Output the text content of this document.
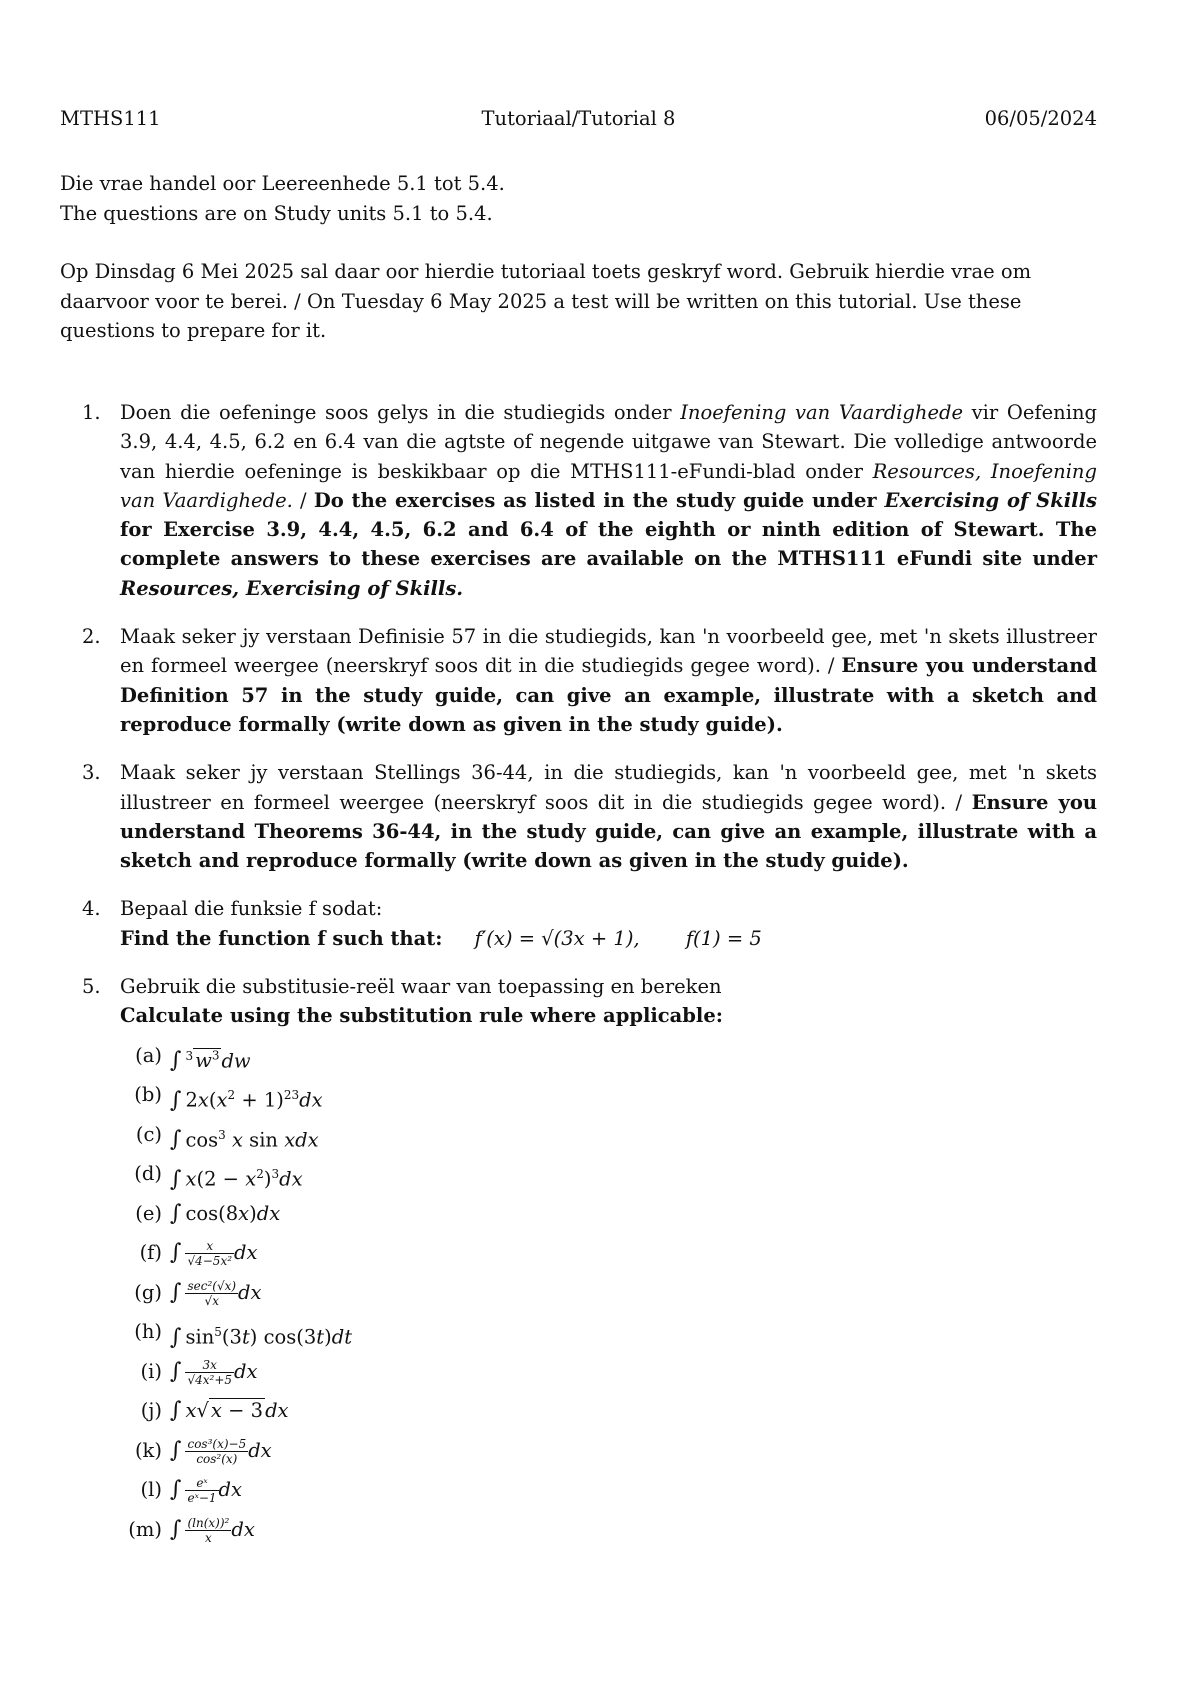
MTHS111	Tutoriaal/Tutorial 8	06/05/2024

Die vrae handel oor Leereenhede 5.1 tot 5.4.

The questions are on Study units 5.1 to 5.4.

Op Dinsdag 6 Mei 2025 sal daar oor hierdie tutoriaal toets geskryf word. Gebruik hierdie vrae om daarvoor voor te berei. / On Tuesday 6 May 2025 a test will be written on this tutorial. Use these questions to prepare for it.

1. Doen die oefeninge soos gelys in die studiegids onder Inoefening van Vaardighede vir Oefening 3.9, 4.4, 4.5, 6.2 en 6.4 van die agtste of negende uitgawe van Stewart. Die volledige antwoorde van hierdie oefeninge is beskikbaar op die MTHS111-eFundi-blad onder Resources, Inoefening van Vaardighede. / Do the exercises as listed in the study guide under Exercising of Skills for Exercise 3.9, 4.4, 4.5, 6.2 and 6.4 of the eighth or ninth edition of Stewart. The complete answers to these exercises are available on the MTHS111 eFundi site under Resources, Exercising of Skills.
2. Maak seker jy verstaan Definisie 57 in die studiegids, kan 'n voorbeeld gee, met 'n skets illustreer en formeel weergee (neerskryf soos dit in die studiegids gegee word). / Ensure you understand Definition 57 in the study guide, can give an example, illustrate with a sketch and reproduce formally (write down as given in the study guide).
3. Maak seker jy verstaan Stellings 36-44, in die studiegids, kan 'n voorbeeld gee, met 'n skets illustreer en formeel weergee (neerskryf soos dit in die studiegids gegee word). / Ensure you understand Theorems 36-44, in the study guide, can give an example, illustrate with a sketch and reproduce formally (write down as given in the study guide).
4. Bepaal die funksie f sodat:
Find the function f such that: f′(x) = √(3x + 1), f(1) = 5
5. Gebruik die substitusie-reël waar van toepassing en bereken
Calculate using the substitution rule where applicable:
(a) ∫ $^3$ $w^3$ dw
(b) ∫ $2x(x^2 + 1)^{23}dx$
(c) ∫ $\cos^3 x$ sin xdx
(d) ∫ $x(2 - x^2)^3dx$
(e) ∫ cos(8x)dx
(f) ∫ $\frac{x}{\text{√4−5x²}}$ dx
(g) ∫ $\frac{\text{sec²(√x)}}{√x}$ dx
(h) ∫ $\sin^5(3t)$ cos(3t)dt
(i) ∫ $\frac{3x}{\text{√4x²+5}}$ dx
(j) ∫ x√ x − 3 dx
(k) ∫ $\frac{\text{cos³(x)−5}}{\text{cos²(x)}}$ dx
(l) ∫ $\frac{\text{eˣ}}{\text{eˣ−1}}$ dx
(m) ∫ $\frac{\text{(ln(x))²}}{x}$ dx
